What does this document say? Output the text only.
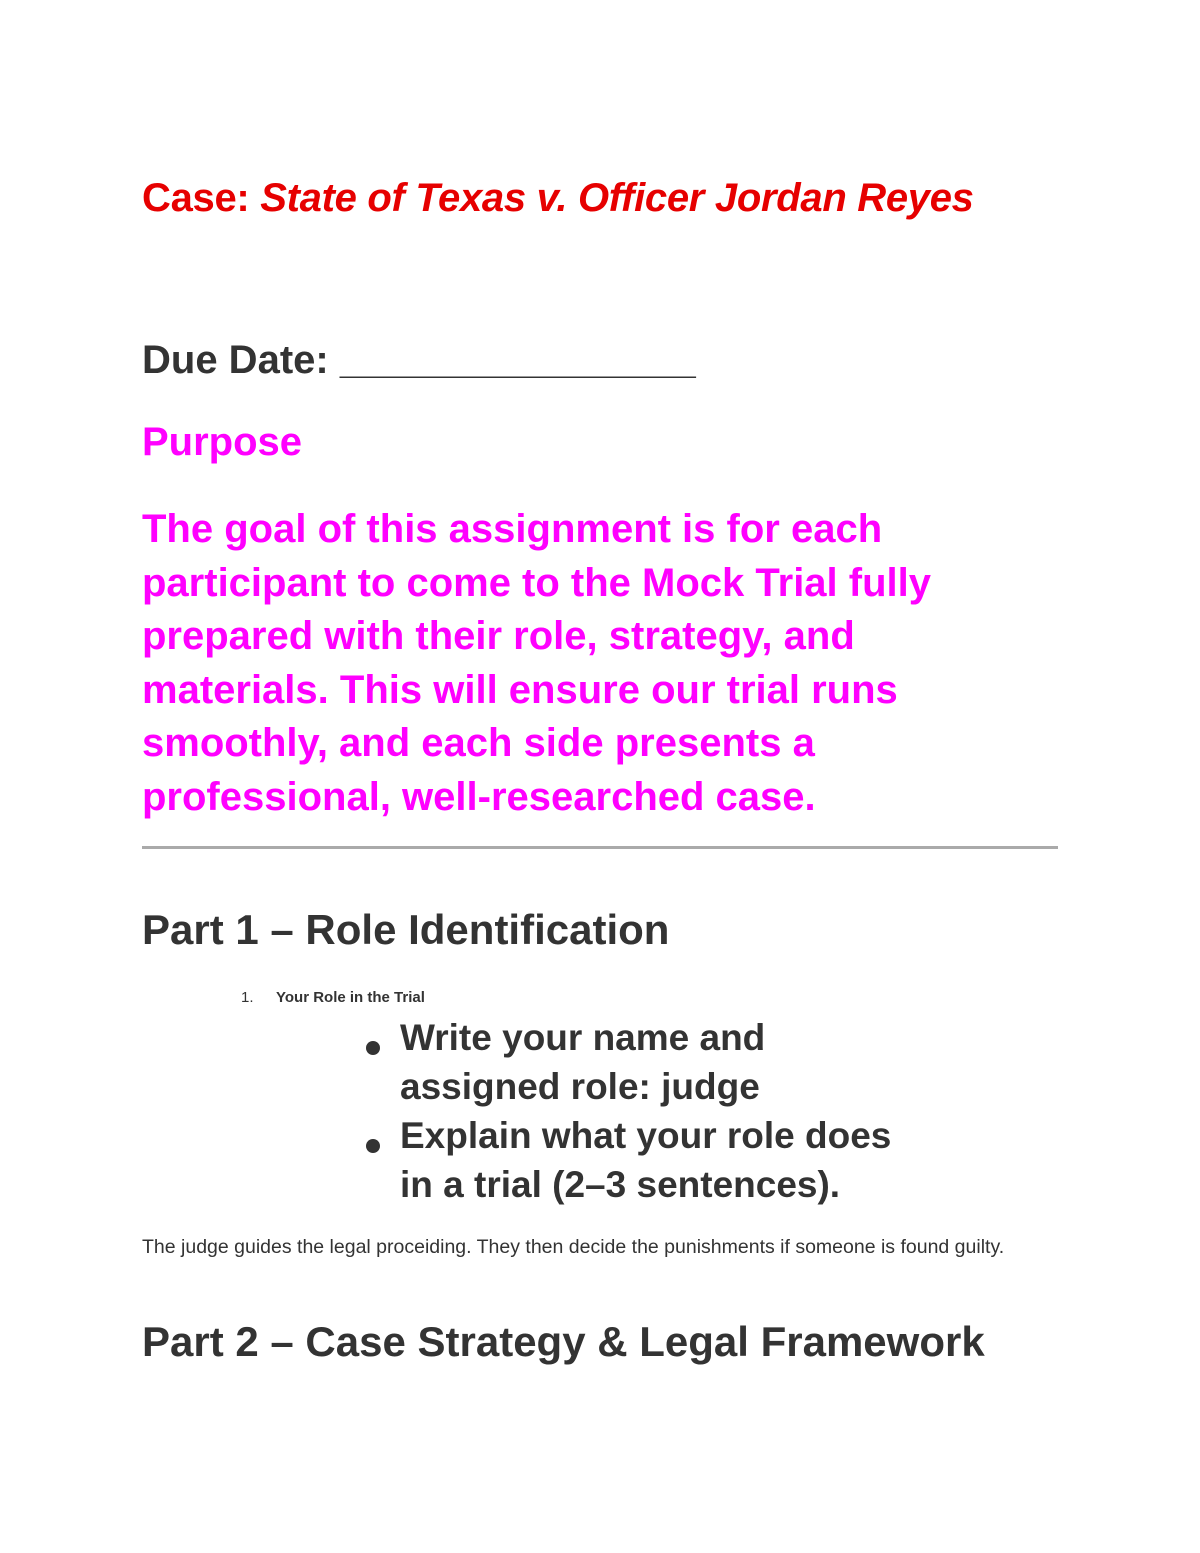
Case: State of Texas v. Officer Jordan Reyes
Due Date: ________________
Purpose
The goal of this assignment is for each
participant to come to the Mock Trial fully
prepared with their role, strategy, and
materials. This will ensure our trial runs
smoothly, and each side presents a
professional, well-researched case.
Part 1 – Role Identification
1. Your Role in the Trial
Write your name and
assigned role: judge
Explain what your role does
in a trial (2–3 sentences).
The judge guides the legal proceiding. They then decide the punishments if someone is found guilty.
Part 2 – Case Strategy & Legal Framework
